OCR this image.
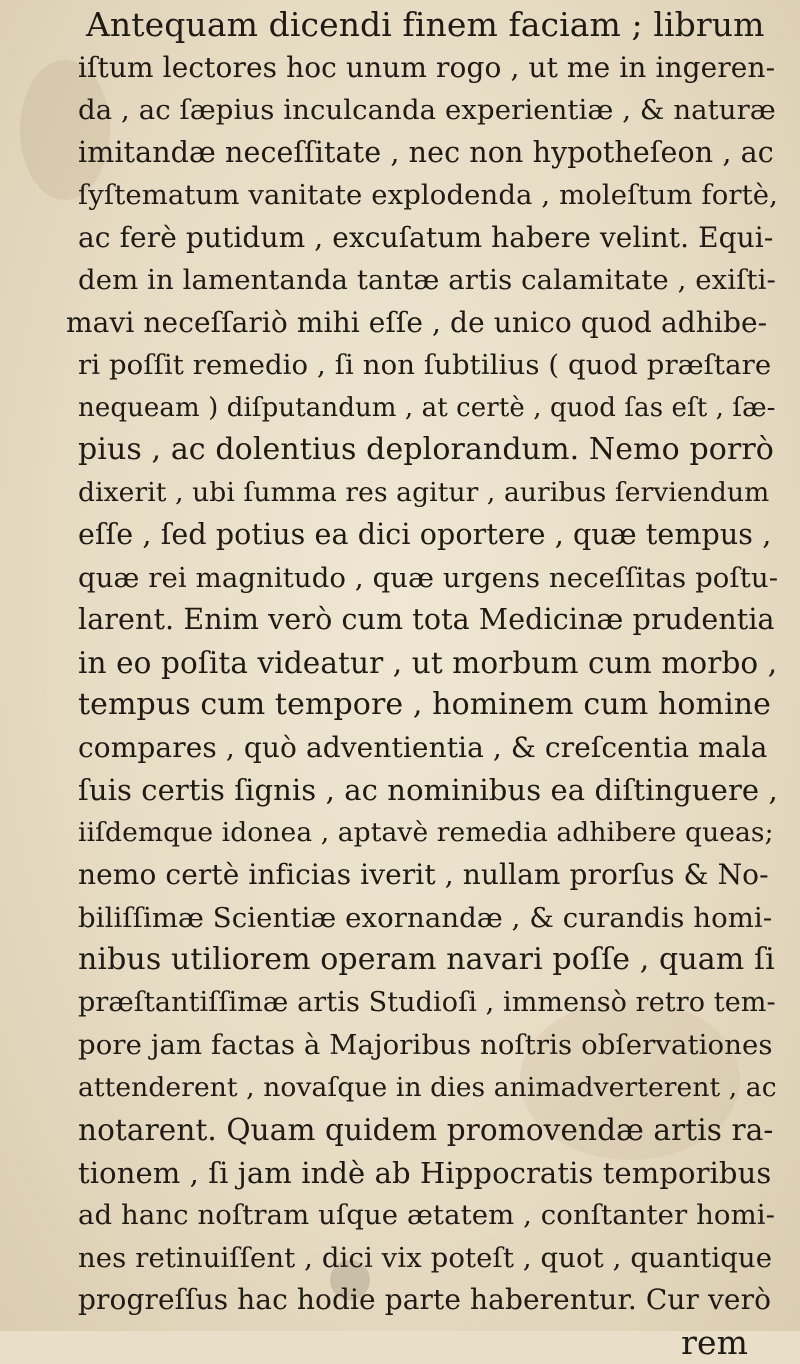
Antequam dicendi finem faciam ; librum
iſtum lectores hoc unum rogo , ut me in ingeren-
da , ac ſæpius inculcanda experientiæ , & naturæ
imitandæ neceſſitate , nec non hypotheſeon , ac
ſyſtematum vanitate explodenda , moleſtum fortè,
ac ferè putidum , excuſatum habere velint. Equi-
dem in lamentanda tantæ artis calamitate , exiſti-
mavi neceſſariò mihi eſſe , de unico quod adhibe-
ri poſſit remedio , ſi non ſubtilius ( quod præſtare
nequeam ) diſputandum , at certè , quod ſas eſt , ſæ-
pius , ac dolentius deplorandum. Nemo porrò
dixerit , ubi ſumma res agitur , auribus ſerviendum
eſſe , ſed potius ea dici oportere , quæ tempus ,
quæ rei magnitudo , quæ urgens neceſſitas poſtu-
larent. Enim verò cum tota Medicinæ prudentia
in eo poſita videatur , ut morbum cum morbo ,
tempus cum tempore , hominem cum homine
compares , quò adventientia , & creſcentia mala
ſuis certis ſignis , ac nominibus ea diſtinguere ,
iiſdemque idonea , aptavè remedia adhibere queas;
nemo certè inficias iverit , nullam prorſus & No-
biliſſimæ Scientiæ exornandæ , & curandis homi-
nibus utiliorem operam navari poſſe , quam ſi
præſtantiſſimæ artis Studioſi , immensò retro tem-
pore jam factas à Majoribus noſtris obſervationes
attenderent , novaſque in dies animadverterent , ac
notarent. Quam quidem promovendæ artis ra-
tionem , ſi jam indè ab Hippocratis temporibus
ad hanc noſtram uſque ætatem , conſtanter homi-
nes retinuiſſent , dici vix poteſt , quot , quantique
progreſſus hac hodie parte haberentur. Cur verò
rem
